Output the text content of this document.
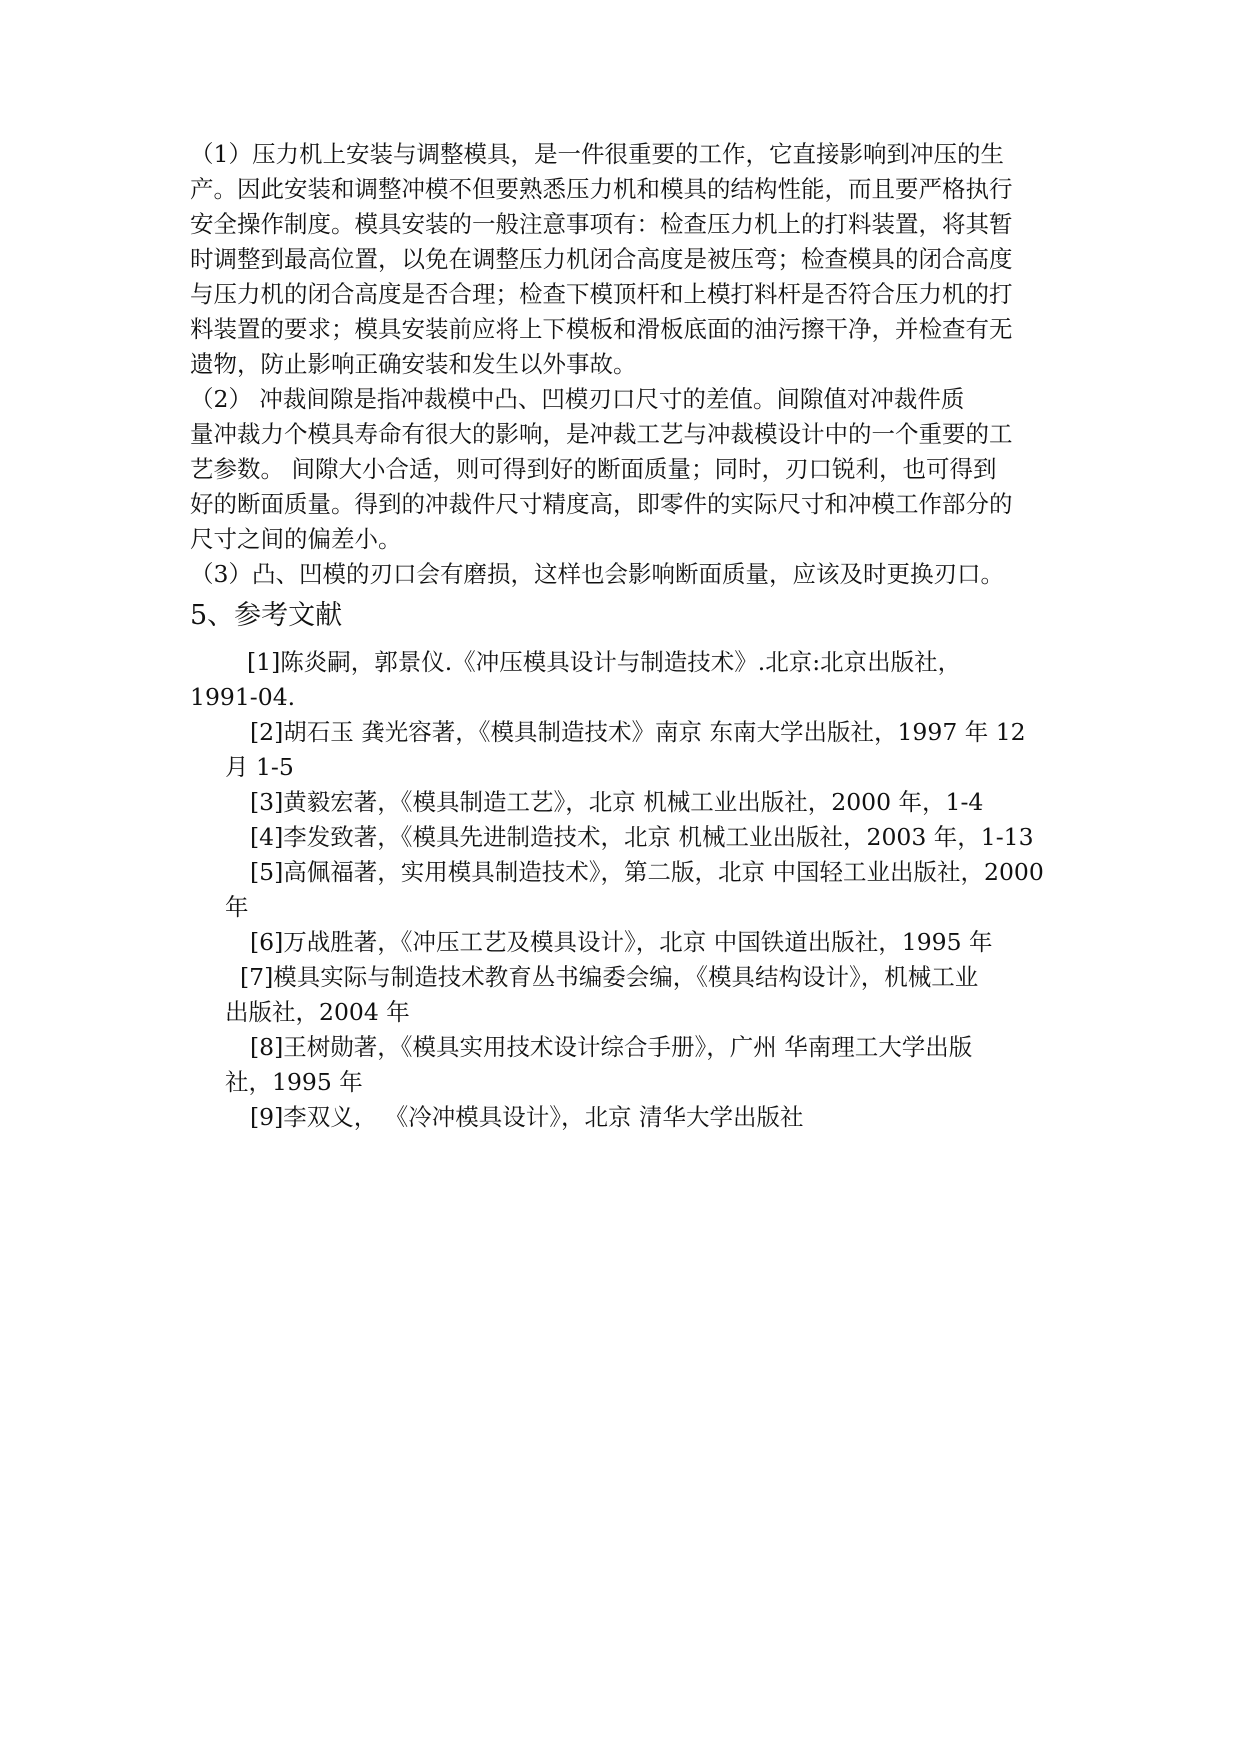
（1）压力机上安装与调整模具，是一件很重要的工作，它直接影响到冲压的生
产。因此安装和调整冲模不但要熟悉压力机和模具的结构性能，而且要严格执行
安全操作制度。模具安装的一般注意事项有：检查压力机上的打料装置，将其暂
时调整到最高位置，以免在调整压力机闭合高度是被压弯；检查模具的闭合高度
与压力机的闭合高度是否合理；检查下模顶杆和上模打料杆是否符合压力机的打
料装置的要求；模具安装前应将上下模板和滑板底面的油污擦干净，并检查有无
遗物，防止影响正确安装和发生以外事故。
（2） 冲裁间隙是指冲裁模中凸、凹模刃口尺寸的差值。间隙值对冲裁件质
量冲裁力个模具寿命有很大的影响，是冲裁工艺与冲裁模设计中的一个重要的工
艺参数。 间隙大小合适，则可得到好的断面质量；同时，刃口锐利，也可得到
好的断面质量。得到的冲裁件尺寸精度高，即零件的实际尺寸和冲模工作部分的
尺寸之间的偏差小。
（3）凸、凹模的刃口会有磨损，这样也会影响断面质量，应该及时更换刃口。
5、参考文献
[1]陈炎嗣，郭景仪.《冲压模具设计与制造技术》.北京:北京出版社，
1991-04.
[2]胡石玉 龚光容著，《模具制造技术》南京 东南大学出版社，1997 年 12
月 1-5
[3]黄毅宏著，《模具制造工艺》，北京 机械工业出版社，2000 年，1-4
[4]李发致著，《模具先进制造技术，北京 机械工业出版社，2003 年，1-13
[5]高佩福著，实用模具制造技术》，第二版，北京 中国轻工业出版社，2000
年
[6]万战胜著，《冲压工艺及模具设计》，北京 中国铁道出版社，1995 年
[7]模具实际与制造技术教育丛书编委会编，《模具结构设计》，机械工业
出版社，2004 年
[8]王树勋著，《模具实用技术设计综合手册》，广州 华南理工大学出版
社，1995 年
[9]李双义， 《冷冲模具设计》，北京 清华大学出版社
